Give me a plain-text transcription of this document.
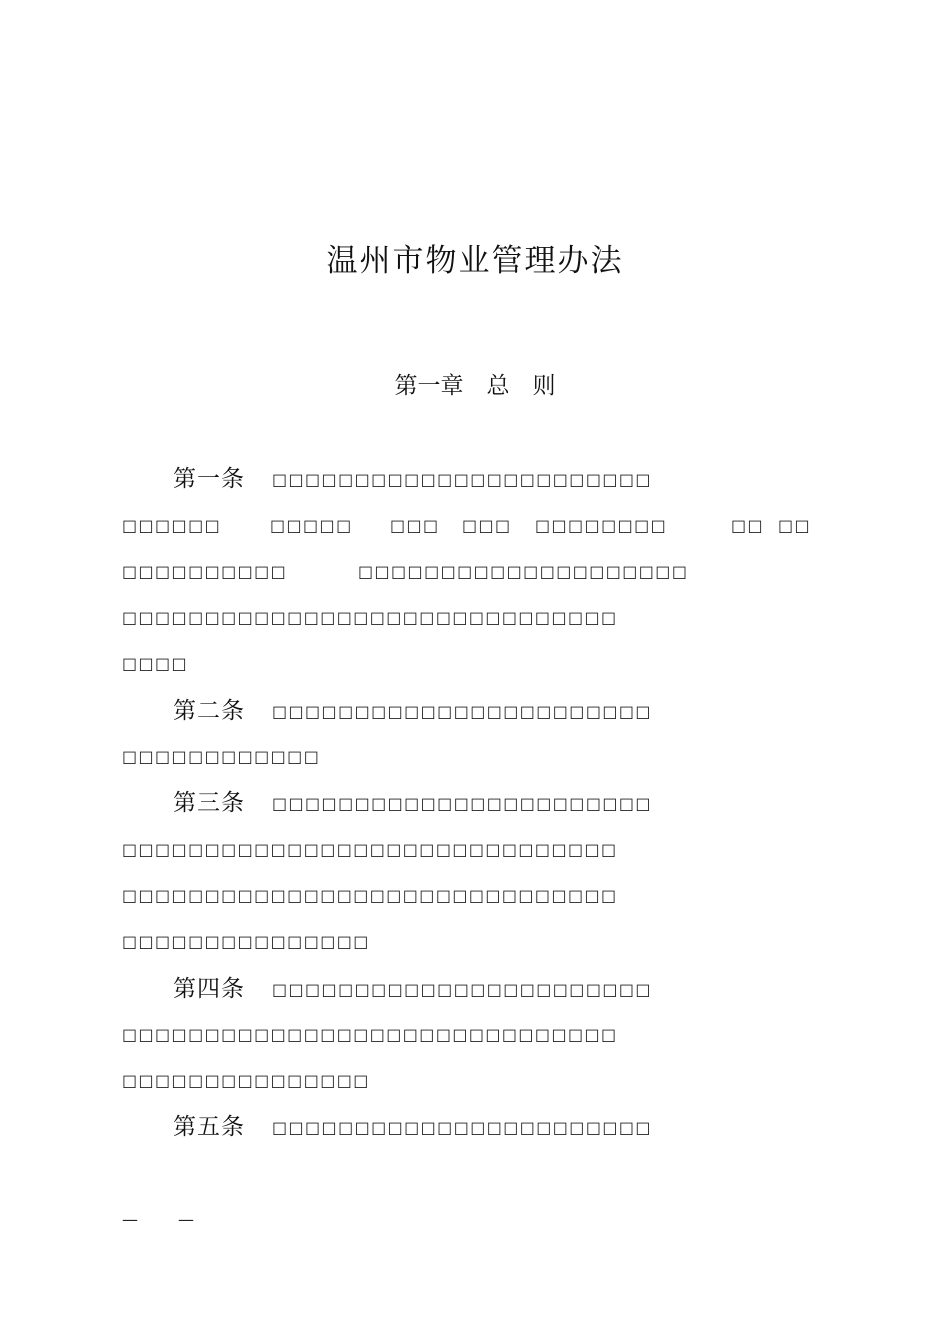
温州市物业管理办法
第一章　总　则
第一条 □□□□□□□□□□□□□□□□□□□□□□□
□□□□□□	□□□□□ □□□ □□□ □□□□□□□□	□□ □□
□□□□□□□□□□	□□□□□□□□□□□□□□□□□□□□
□□□□□□□□□□□□□□□□□□□□□□□□□□□□□□
□□□□
第二条 □□□□□□□□□□□□□□□□□□□□□□□
□□□□□□□□□□□□
第三条 □□□□□□□□□□□□□□□□□□□□□□□
□□□□□□□□□□□□□□□□□□□□□□□□□□□□□□
□□□□□□□□□□□□□□□□□□□□□□□□□□□□□□
□□□□□□□□□□□□□□□
第四条 □□□□□□□□□□□□□□□□□□□□□□□
□□□□□□□□□□□□□□□□□□□□□□□□□□□□□□
□□□□□□□□□□□□□□□
第五条 □□□□□□□□□□□□□□□□□□□□□□□
—	—
